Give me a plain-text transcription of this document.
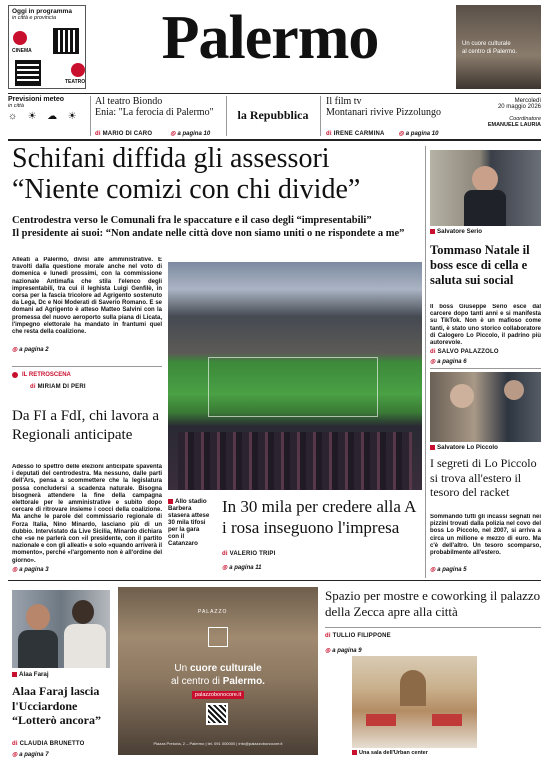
Oggi in programma
in città e provincia
CINEMA
TEATRO
Palermo	Un cuore culturale
al centro di Palermo.
Previsioni meteo
in città
☼ ☀ ☁ ☀
Al teatro Biondo
Enia: "La ferocia di Palermo"
di MARIO DI CARO	◎ a pagina 10
la Repubblica
Il film tv
Montanari rivive Pizzolungo
di IRENE CARMINA	◎ a pagina 10
Mercoledì
20 maggio 2026
Coordinatore
EMANUELE LAURIA
Schifani diffida gli assessori
“Niente comizi con chi divide”
Centrodestra verso le Comunali fra le spaccature e il caso degli “impresentabili”
Il presidente ai suoi: “Non andate nelle città dove non siamo uniti o ne rispondete a me”
Alleati a Palermo, divisi alle amministrative. E travolti dalla questione morale anche nel voto di domenica e lunedì prossimi, con la commissione nazionale Antimafia che stila l'elenco degli impresentabili, tra cui il leghista Luigi Genfilè, in corsa per la fascia tricolore ad Agrigento sostenuto da Lega, Dc e Noi Moderati di Saverio Romano. E se domani ad Agrigento è atteso Matteo Salvini con la promessa del nuovo aeroporto sulla piana di Licata, l'impegno elettorale ha mandato in frantumi quel che resta della coalizione.
◎ a pagina 2
Allo stadio
Barbera
stasera attese
30 mila tifosi
per la gara
con il Catanzaro
In 30 mila per credere alla A i rosa inseguono l'impresa
di VALERIO TRIPI
◎ a pagina 11
IL RETROSCENA
di MIRIAM DI PERI
Da FI a FdI, chi lavora a Regionali anticipate
Adesso lo spettro delle elezioni anticipate spaventa i deputati del centrodestra. Ma nessuno, dalle parti dell'Ars, pensa a scommettere che la legislatura possa concludersi a scadenza naturale. Bisogna bisognerà attendere la fine della campagna elettorale per le amministrative e subito dopo cercare di ritrovare insieme i cocci della coalizione. Ma anche le parole del commissario regionale di Forza Italia, Nino Minardo, lasciano più di un dubbio. Intervistato da Live Sicilia, Minardo dichiara che «se ne parlerà con «il presidente, con il partito nazionale e con gli alleati» e solo «quando arriverà il momento», perché «l'argomento non è all'ordine del giorno».
◎ a pagina 3
Salvatore Serio
Tommaso Natale il boss esce di cella e saluta sui social
Il boss Giuseppe Serio esce dal carcere dopo tanti anni e si manifesta su TikTok. Non è un mafioso come tanti, è stato uno storico collaboratore di Calogero Lo Piccolo, il padrino più autorevole.
di SALVO PALAZZOLO
◎ a pagina 6
Salvatore Lo Piccolo
I segreti di Lo Piccolo si trova all'estero il tesoro del racket
Sommando tutti gli incassi segnati nei pizzini trovati dalla polizia nel covo del boss Lo Piccolo, nel 2007, si arriva a circa un milione e mezzo di euro. Ma c'è dell'altro. Un tesoro scomparso, probabilmente all'estero.
◎ a pagina 5
Alaa Faraj
Alaa Faraj lascia l'Ucciardone “Lotterò ancora”
di CLAUDIA BRUNETTO
◎ a pagina 7
PALAZZO
Un cuore culturale
al centro di Palermo.
palazzobonocore.it
Piazza Pretoria, 2 – Palermo | tel. 091 000000 | info@palazzobonocore.it
Spazio per mostre e coworking il palazzo della Zecca apre alla città
di TULLIO FILIPPONE
◎ a pagina 9
Una sala dell'Urban center
